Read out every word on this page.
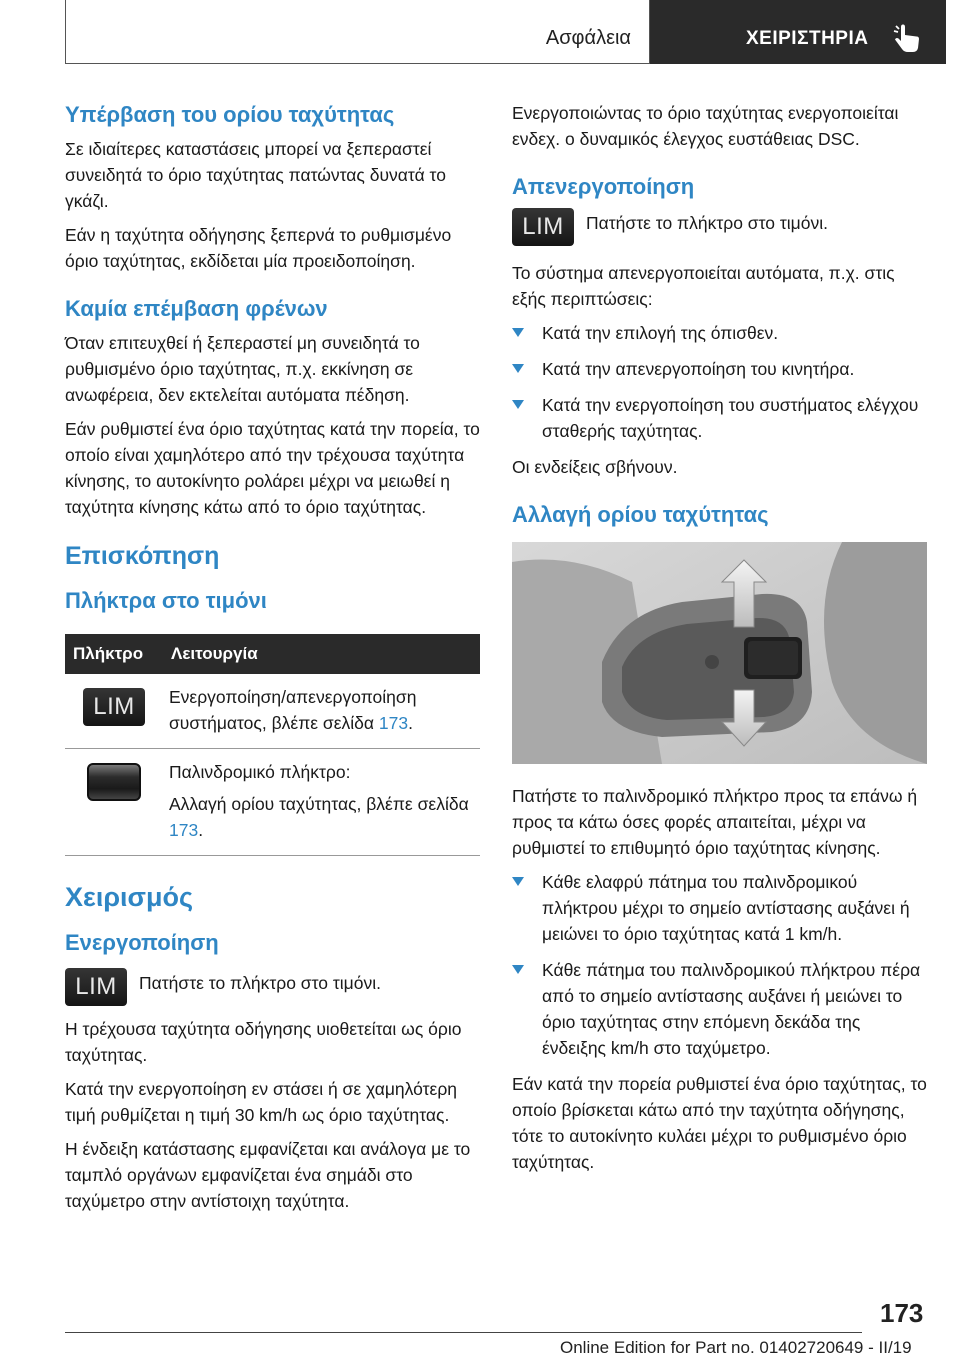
Ασφάλεια	ΧΕΙΡΙΣΤΗΡΙΑ
Υπέρβαση του ορίου ταχύτητας

Σε ιδιαίτερες καταστάσεις μπορεί να ξεπεραστεί συνειδητά το όριο ταχύτητας πατώντας δυνατά το γκάζι.

Εάν η ταχύτητα οδήγησης ξεπερνά το ρυθμισμένο όριο ταχύτητας, εκδίδεται μία προειδοποίηση.

Καμία επέμβαση φρένων

Όταν επιτευχθεί ή ξεπεραστεί μη συνειδητά το ρυθμισμένο όριο ταχύτητας, π.χ. εκκίνηση σε ανωφέρεια, δεν εκτελείται αυτόματα πέδηση.

Εάν ρυθμιστεί ένα όριο ταχύτητας κατά την πορεία, το οποίο είναι χαμηλότερο από την τρέχουσα ταχύτητα κίνησης, το αυτοκίνητο ρολάρει μέχρι να μειωθεί η ταχύτητα κίνησης κάτω από το όριο ταχύτητας.

Επισκόπηση
Πλήκτρα στο τιμόνι
Πλήκτρο	Λειτουργία
LIM	Ενεργοποίηση/απενεργοποίηση συστήματος, βλέπε σελίδα 173.

	Παλινδρομικό πλήκτρο:

Αλλαγή ορίου ταχύτητας, βλέπε σελίδα 173.

Χειρισμός
Ενεργοποίηση
LIM	Πατήστε το πλήκτρο στο τιμόνι.

Η τρέχουσα ταχύτητα οδήγησης υιοθετείται ως όριο ταχύτητας.

Κατά την ενεργοποίηση εν στάσει ή σε χαμηλότερη τιμή ρυθμίζεται η τιμή 30 km/h ως όριο ταχύτητας.

Η ένδειξη κατάστασης εμφανίζεται και ανάλογα με το ταμπλό οργάνων εμφανίζεται ένα σημάδι στο ταχύμετρο στην αντίστοιχη ταχύτητα.

Ενεργοποιώντας το όριο ταχύτητας ενεργοποιείται ενδεχ. ο δυναμικός έλεγχος ευστάθειας DSC.

Απενεργοποίηση
LIM	Πατήστε το πλήκτρο στο τιμόνι.

Το σύστημα απενεργοποιείται αυτόματα, π.χ. στις εξής περιπτώσεις:

Κατά την επιλογή της όπισθεν.
Κατά την απενεργοποίηση του κινητήρα.
Κατά την ενεργοποίηση του συστήματος ελέγχου σταθερής ταχύτητας.

Οι ενδείξεις σβήνουν.

Αλλαγή ορίου ταχύτητας

Πατήστε το παλινδρομικό πλήκτρο προς τα επάνω ή προς τα κάτω όσες φορές απαιτείται, μέχρι να ρυθμιστεί το επιθυμητό όριο ταχύτητας κίνησης.

Κάθε ελαφρύ πάτημα του παλινδρομικού πλήκτρου μέχρι το σημείο αντίστασης αυξάνει ή μειώνει το όριο ταχύτητας κατά 1 km/h.
Κάθε πάτημα του παλινδρομικού πλήκτρου πέρα από το σημείο αντίστασης αυξάνει ή μειώνει το όριο ταχύτητας στην επόμενη δεκάδα της ένδειξης km/h στο ταχύμετρο.

Εάν κατά την πορεία ρυθμιστεί ένα όριο ταχύτητας, το οποίο βρίσκεται κάτω από την ταχύτητα οδήγησης, τότε το αυτοκίνητο κυλάει μέχρι το ρυθμισμένο όριο ταχύτητας.

173
Online Edition for Part no. 01402720649 - II/19
